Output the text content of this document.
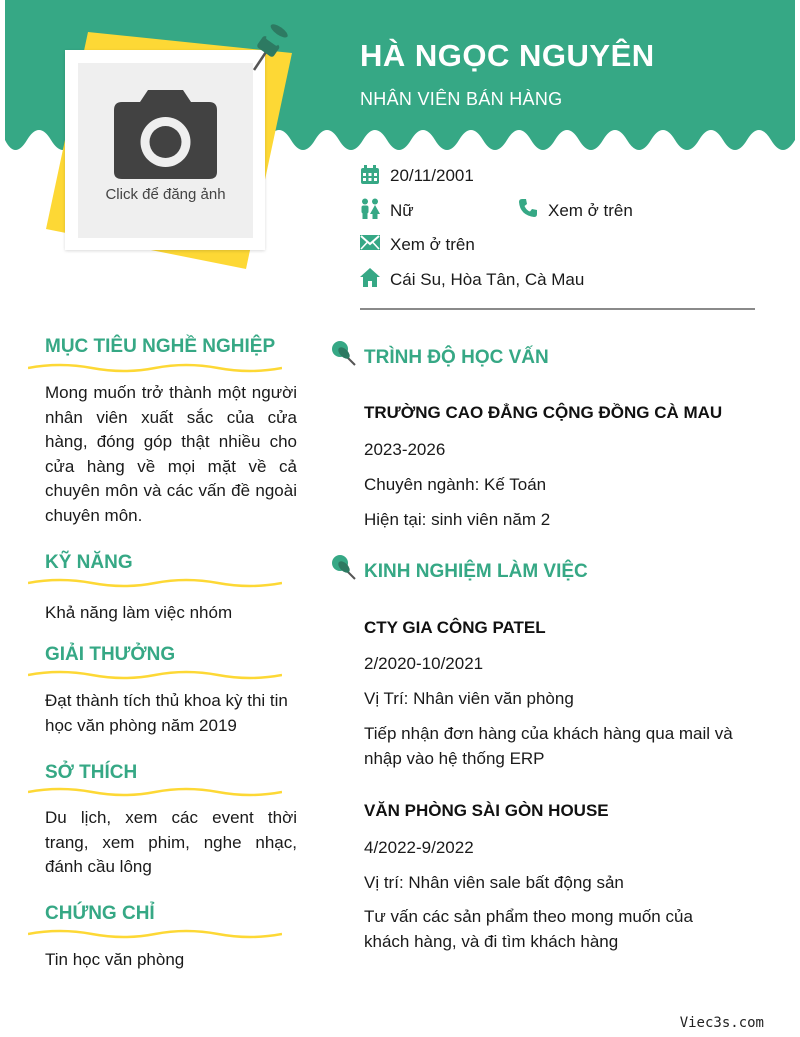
HÀ NGỌC NGUYÊN
NHÂN VIÊN BÁN HÀNG
Click để đăng ảnh
20/11/2001
Nữ	Xem ở trên
Xem ở trên
Cái Su, Hòa Tân, Cà Mau
MỤC TIÊU NGHỀ NGHIỆP
Mong muốn trở thành một người nhân viên xuất sắc của cửa hàng, đóng góp thật nhiều cho cửa hàng về mọi mặt về cả chuyên môn và các vấn đề ngoài chuyên môn.
KỸ NĂNG
Khả năng làm việc nhóm
GIẢI THƯỞNG
Đạt thành tích thủ khoa kỳ thi tin học văn phòng năm 2019
SỞ THÍCH
Du lịch, xem các event thời trang, xem phim, nghe nhạc, đánh cầu lông
CHỨNG CHỈ
Tin học văn phòng
TRÌNH ĐỘ HỌC VẤN
TRƯỜNG CAO ĐẲNG CỘNG ĐỒNG CÀ MAU
2023-2026
Chuyên ngành: Kế Toán
Hiện tại: sinh viên năm 2
KINH NGHIỆM LÀM VIỆC
CTY GIA CÔNG PATEL
2/2020-10/2021
Vị Trí: Nhân viên văn phòng
Tiếp nhận đơn hàng của khách hàng qua mail và nhập vào hệ thống ERP
VĂN PHÒNG SÀI GÒN HOUSE
4/2022-9/2022
Vị trí: Nhân viên sale bất động sản
Tư vấn các sản phẩm theo mong muốn của khách hàng, và đi tìm khách hàng
Viec3s.com
